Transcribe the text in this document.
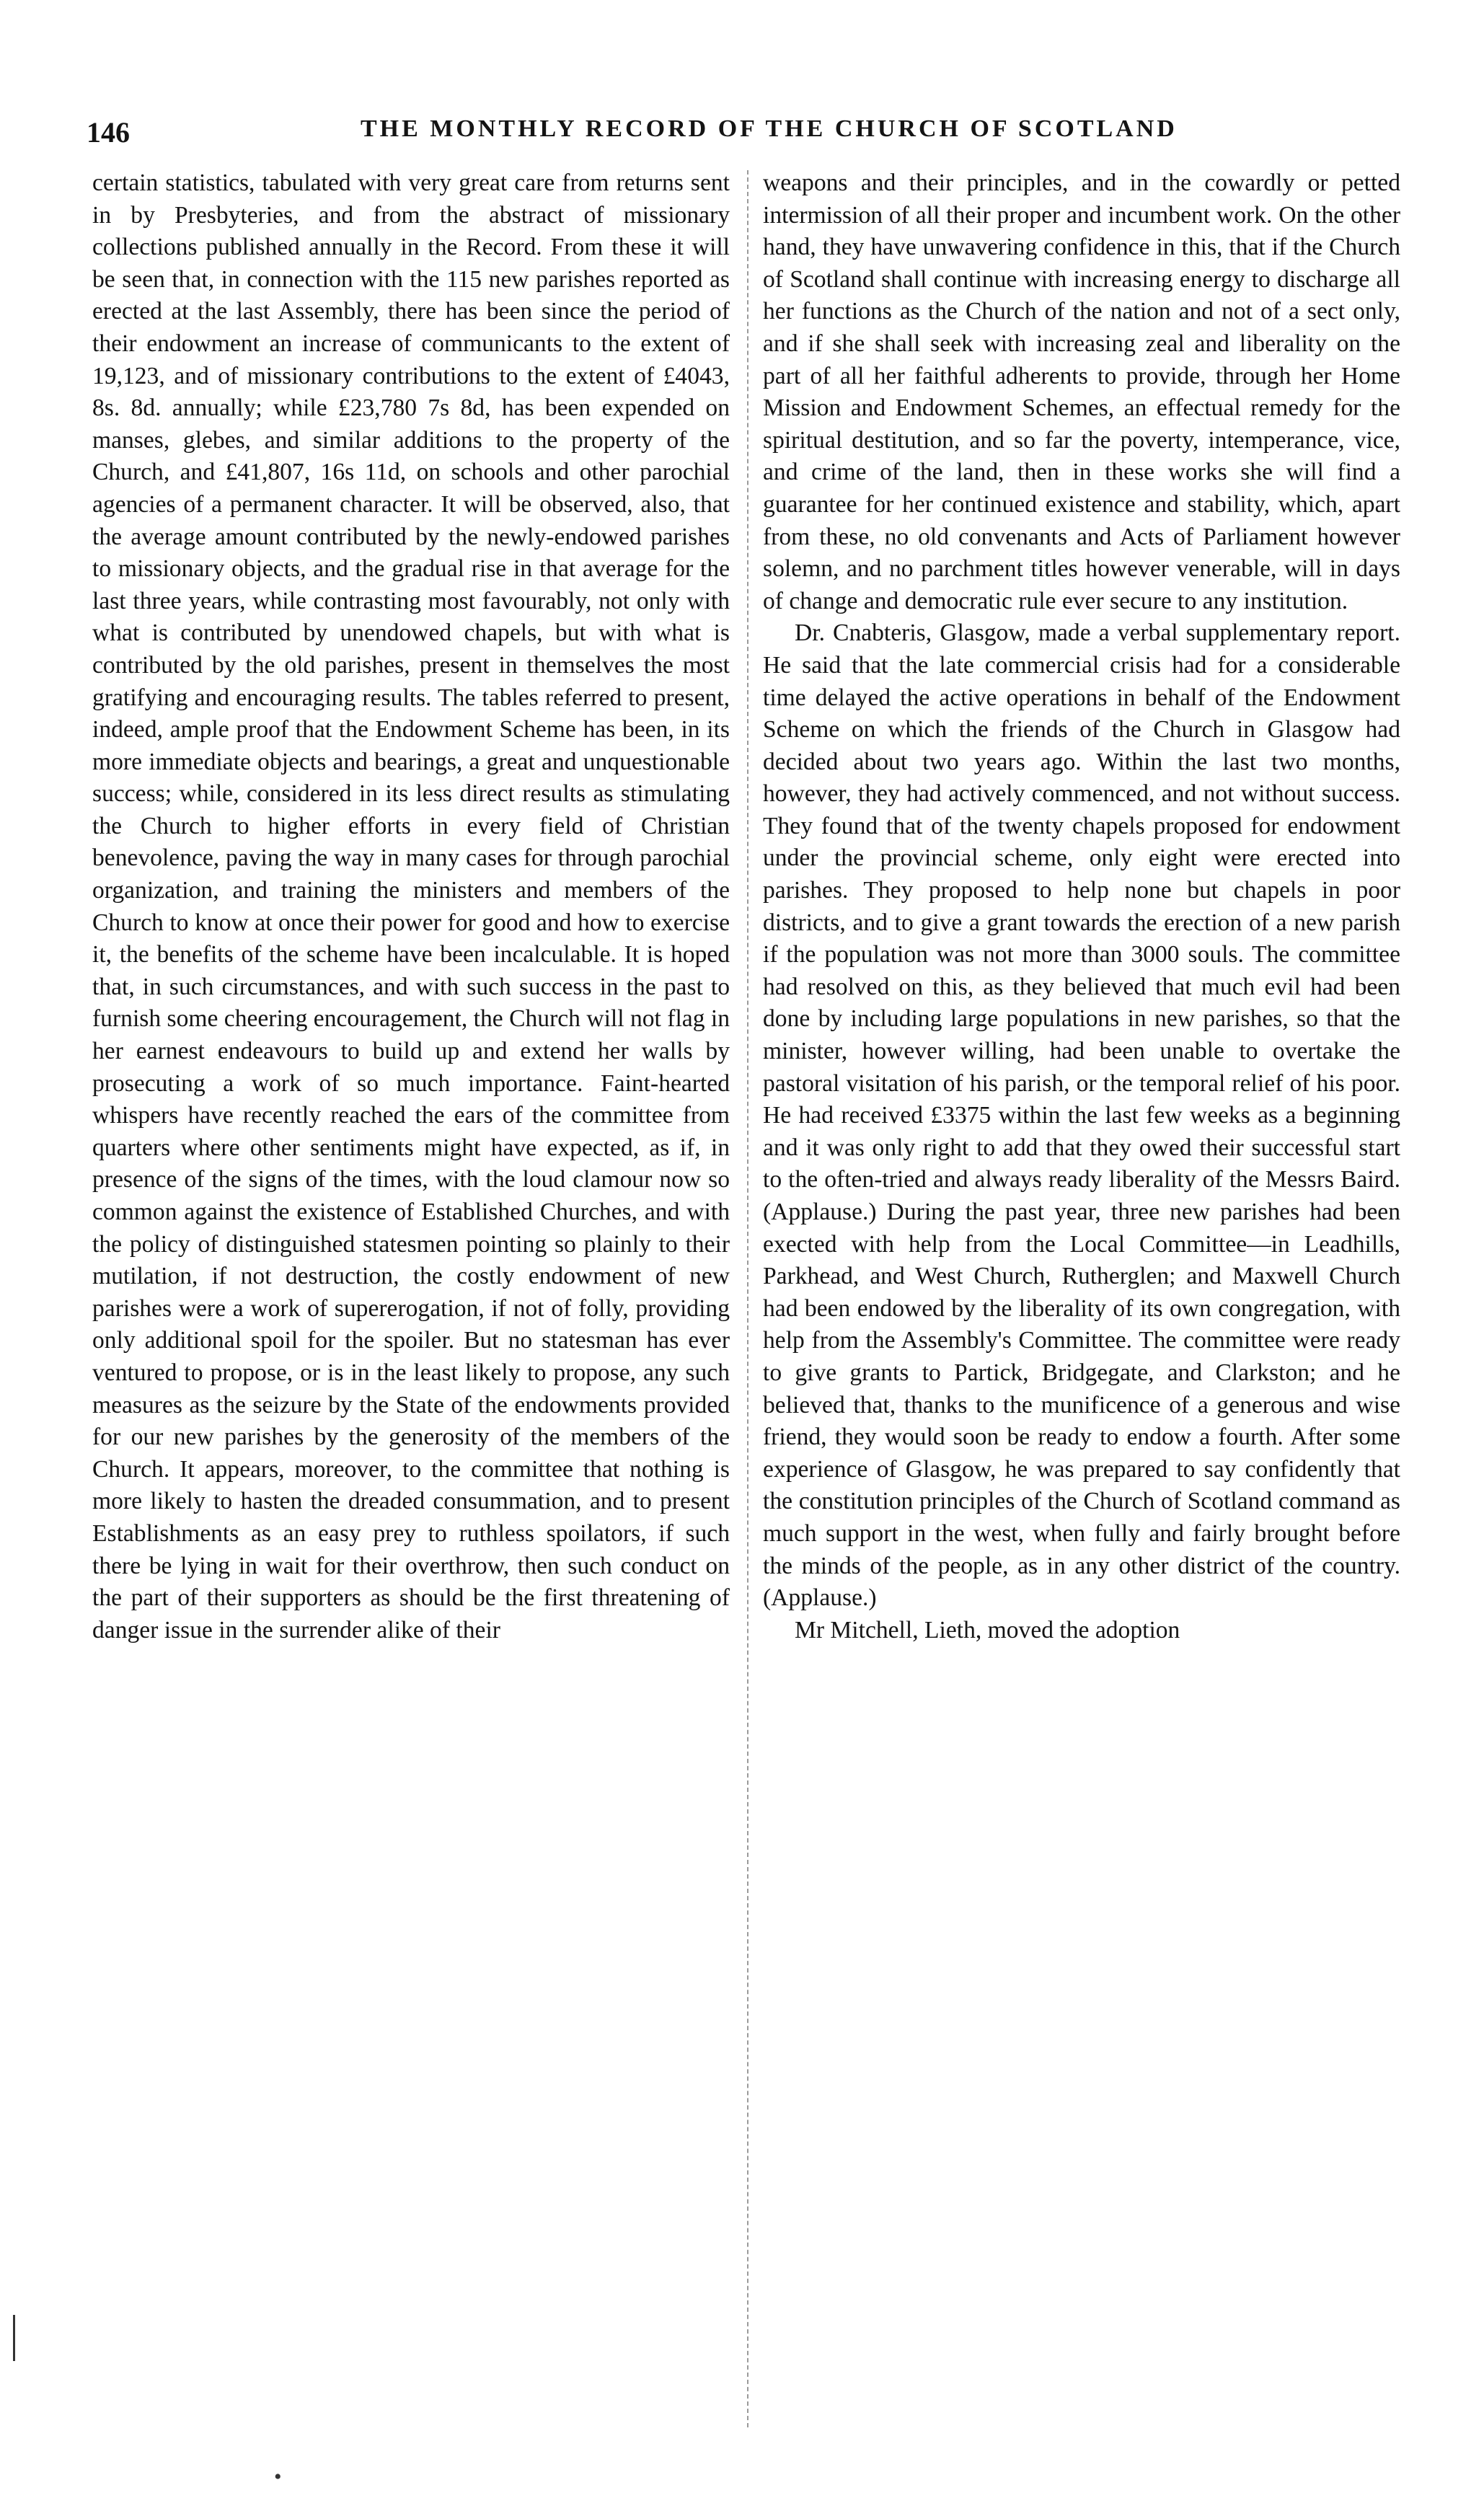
146	THE MONTHLY RECORD OF THE CHURCH OF SCOTLAND

certain statistics, tabulated with very great care from returns sent in by Presbyteries, and from the abstract of missionary collections published annually in the Record. From these it will be seen that, in connection with the 115 new parishes reported as erected at the last Assembly, there has been since the period of their endowment an increase of communicants to the extent of 19,123, and of missionary contributions to the extent of £4043, 8s. 8d. annually; while £23,780 7s 8d, has been expended on manses, glebes, and similar additions to the property of the Church, and £41,807, 16s 11d, on schools and other parochial agencies of a permanent character. It will be observed, also, that the average amount contributed by the newly-endowed parishes to missionary objects, and the gradual rise in that average for the last three years, while contrasting most favourably, not only with what is contributed by unendowed chapels, but with what is contributed by the old parishes, present in themselves the most gratifying and encouraging results. The tables referred to present, indeed, ample proof that the Endowment Scheme has been, in its more immediate objects and bearings, a great and unquestionable success; while, considered in its less direct results as stimulating the Church to higher efforts in every field of Christian benevolence, paving the way in many cases for through parochial organization, and training the ministers and members of the Church to know at once their power for good and how to exercise it, the benefits of the scheme have been incalculable. It is hoped that, in such circumstances, and with such success in the past to furnish some cheering encouragement, the Church will not flag in her earnest endeavours to build up and extend her walls by prosecuting a work of so much importance. Faint-hearted whispers have recently reached the ears of the committee from quarters where other sentiments might have expected, as if, in presence of the signs of the times, with the loud clamour now so common against the existence of Established Churches, and with the policy of distinguished statesmen pointing so plainly to their mutilation, if not destruction, the costly endowment of new parishes were a work of supererogation, if not of folly, providing only additional spoil for the spoiler. But no statesman has ever ventured to propose, or is in the least likely to propose, any such measures as the seizure by the State of the endowments provided for our new parishes by the generosity of the members of the Church. It appears, moreover, to the committee that nothing is more likely to hasten the dreaded consummation, and to present Establishments as an easy prey to ruthless spoilators, if such there be lying in wait for their overthrow, then such conduct on the part of their supporters as should be the first threatening of danger issue in the surrender alike of their

weapons and their principles, and in the cowardly or petted intermission of all their proper and incumbent work. On the other hand, they have unwavering confidence in this, that if the Church of Scotland shall continue with increasing energy to discharge all her functions as the Church of the nation and not of a sect only, and if she shall seek with increasing zeal and liberality on the part of all her faithful adherents to provide, through her Home Mission and Endowment Schemes, an effectual remedy for the spiritual destitution, and so far the poverty, intemperance, vice, and crime of the land, then in these works she will find a guarantee for her continued existence and stability, which, apart from these, no old convenants and Acts of Parliament however solemn, and no parchment titles however venerable, will in days of change and democratic rule ever secure to any institution.

Dr. Cnabteris, Glasgow, made a verbal supplementary report. He said that the late commercial crisis had for a considerable time delayed the active operations in behalf of the Endowment Scheme on which the friends of the Church in Glasgow had decided about two years ago. Within the last two months, however, they had actively commenced, and not without success. They found that of the twenty chapels proposed for endowment under the provincial scheme, only eight were erected into parishes. They proposed to help none but chapels in poor districts, and to give a grant towards the erection of a new parish if the population was not more than 3000 souls. The committee had resolved on this, as they believed that much evil had been done by including large populations in new parishes, so that the minister, however willing, had been unable to overtake the pastoral visitation of his parish, or the temporal relief of his poor. He had received £3375 within the last few weeks as a beginning and it was only right to add that they owed their successful start to the often-tried and always ready liberality of the Messrs Baird. (Applause.) During the past year, three new parishes had been exected with help from the Local Committee—in Leadhills, Parkhead, and West Church, Rutherglen; and Maxwell Church had been endowed by the liberality of its own congregation, with help from the Assembly's Committee. The committee were ready to give grants to Partick, Bridgegate, and Clarkston; and he believed that, thanks to the munificence of a generous and wise friend, they would soon be ready to endow a fourth. After some experience of Glasgow, he was prepared to say confidently that the constitution principles of the Church of Scotland command as much support in the west, when fully and fairly brought before the minds of the people, as in any other district of the country. (Applause.)

Mr Mitchell, Lieth, moved the adoption

•
